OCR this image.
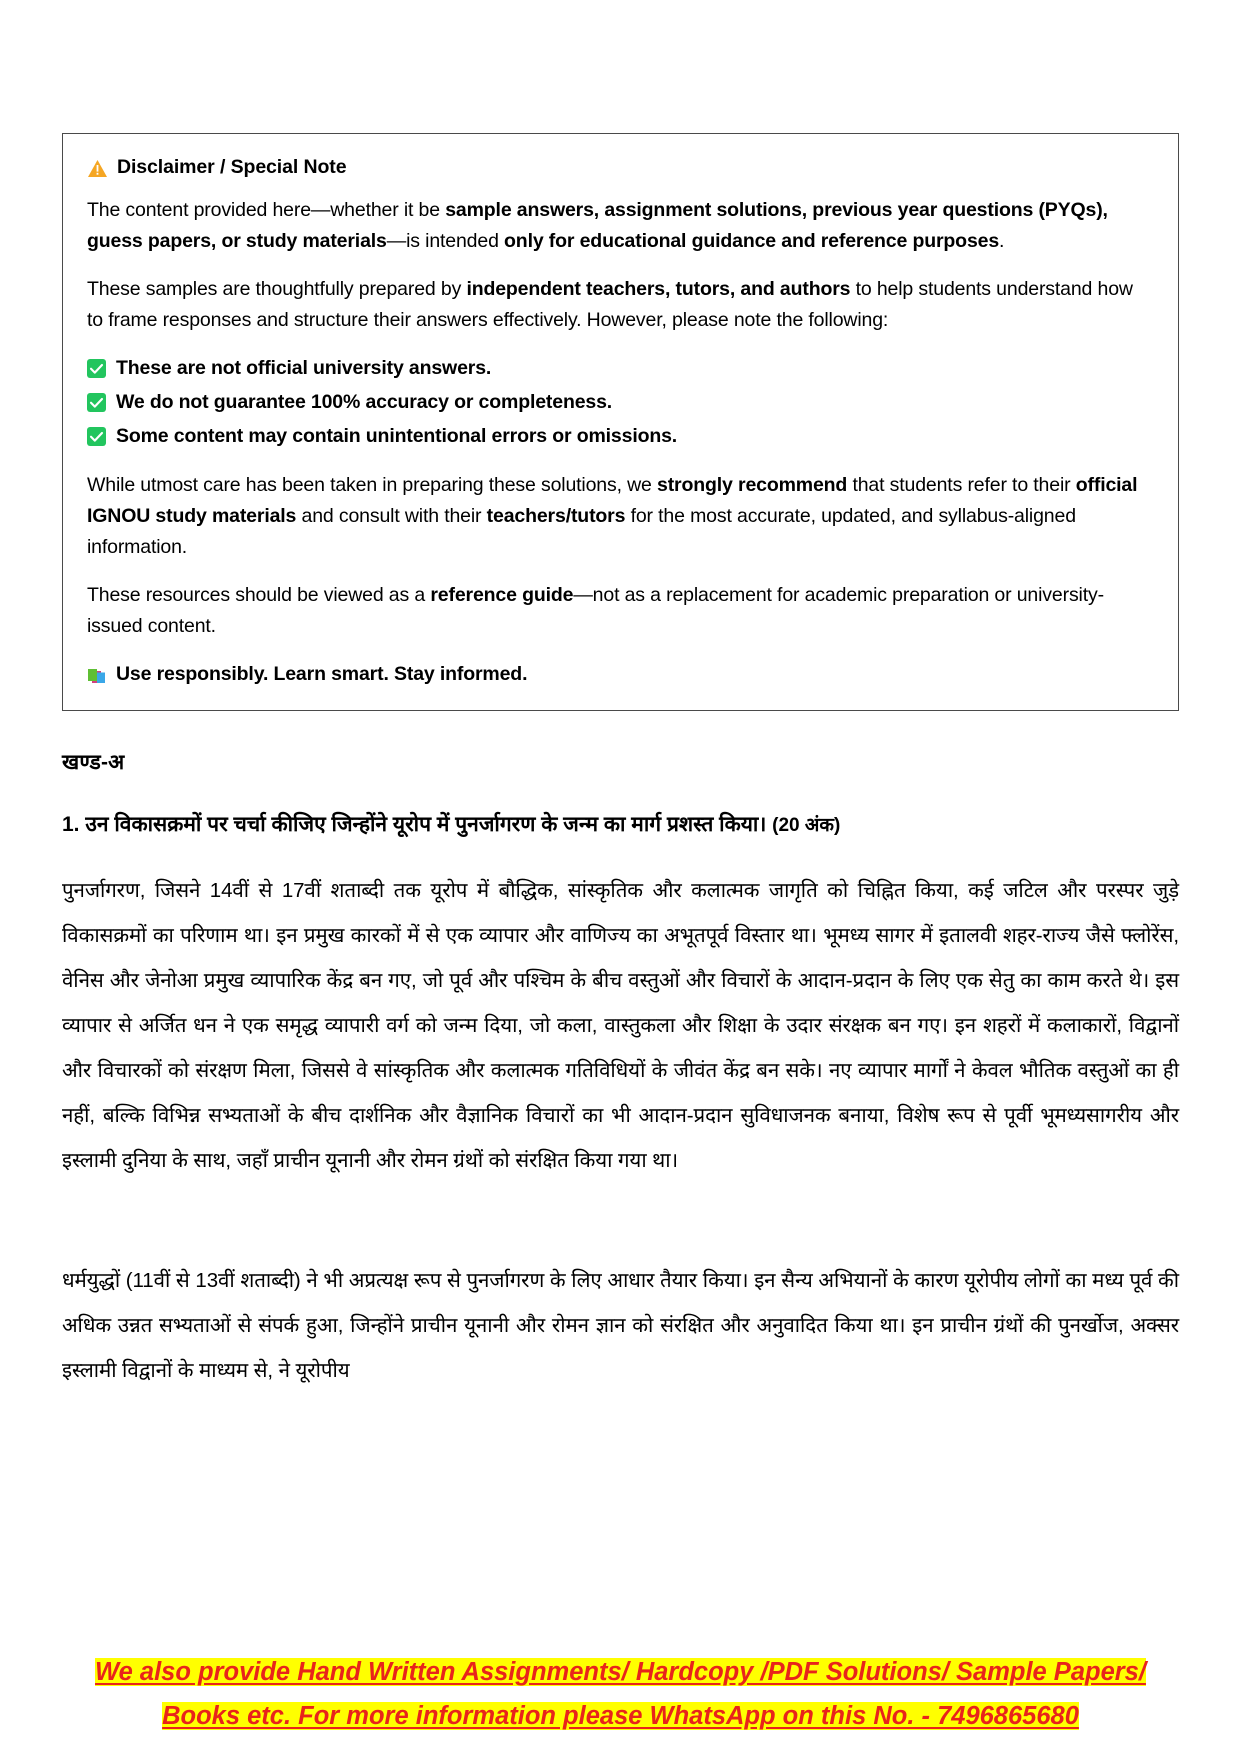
Disclaimer / Special Note

The content provided here—whether it be sample answers, assignment solutions, previous year questions (PYQs), guess papers, or study materials—is intended only for educational guidance and reference purposes.

These samples are thoughtfully prepared by independent teachers, tutors, and authors to help students understand how to frame responses and structure their answers effectively. However, please note the following:

These are not official university answers.
We do not guarantee 100% accuracy or completeness.
Some content may contain unintentional errors or omissions.

While utmost care has been taken in preparing these solutions, we strongly recommend that students refer to their official IGNOU study materials and consult with their teachers/tutors for the most accurate, updated, and syllabus-aligned information.

These resources should be viewed as a reference guide—not as a replacement for academic preparation or university-issued content.

Use responsibly. Learn smart. Stay informed.
खण्ड-अ
1. उन विकासक्रमों पर चर्चा कीजिए जिन्होंने यूरोप में पुनर्जागरण के जन्म का मार्ग प्रशस्त किया। (20 अंक)
पुनर्जागरण, जिसने 14वीं से 17वीं शताब्दी तक यूरोप में बौद्धिक, सांस्कृतिक और कलात्मक जागृति को चिह्नित किया, कई जटिल और परस्पर जुड़े विकासक्रमों का परिणाम था। इन प्रमुख कारकों में से एक व्यापार और वाणिज्य का अभूतपूर्व विस्तार था। भूमध्य सागर में इतालवी शहर-राज्य जैसे फ्लोरेंस, वेनिस और जेनोआ प्रमुख व्यापारिक केंद्र बन गए, जो पूर्व और पश्चिम के बीच वस्तुओं और विचारों के आदान-प्रदान के लिए एक सेतु का काम करते थे। इस व्यापार से अर्जित धन ने एक समृद्ध व्यापारी वर्ग को जन्म दिया, जो कला, वास्तुकला और शिक्षा के उदार संरक्षक बन गए। इन शहरों में कलाकारों, विद्वानों और विचारकों को संरक्षण मिला, जिससे वे सांस्कृतिक और कलात्मक गतिविधियों के जीवंत केंद्र बन सके। नए व्यापार मार्गों ने केवल भौतिक वस्तुओं का ही नहीं, बल्कि विभिन्न सभ्यताओं के बीच दार्शनिक और वैज्ञानिक विचारों का भी आदान-प्रदान सुविधाजनक बनाया, विशेष रूप से पूर्वी भूमध्यसागरीय और इस्लामी दुनिया के साथ, जहाँ प्राचीन यूनानी और रोमन ग्रंथों को संरक्षित किया गया था।
धर्मयुद्धों (11वीं से 13वीं शताब्दी) ने भी अप्रत्यक्ष रूप से पुनर्जागरण के लिए आधार तैयार किया। इन सैन्य अभियानों के कारण यूरोपीय लोगों का मध्य पूर्व की अधिक उन्नत सभ्यताओं से संपर्क हुआ, जिन्होंने प्राचीन यूनानी और रोमन ज्ञान को संरक्षित और अनुवादित किया था। इन प्राचीन ग्रंथों की पुनर्खोज, अक्सर इस्लामी विद्वानों के माध्यम से, ने यूरोपीय
We also provide Hand Written Assignments/ Hardcopy /PDF Solutions/ Sample Papers/
Books etc. For more information please WhatsApp on this No. - 7496865680
